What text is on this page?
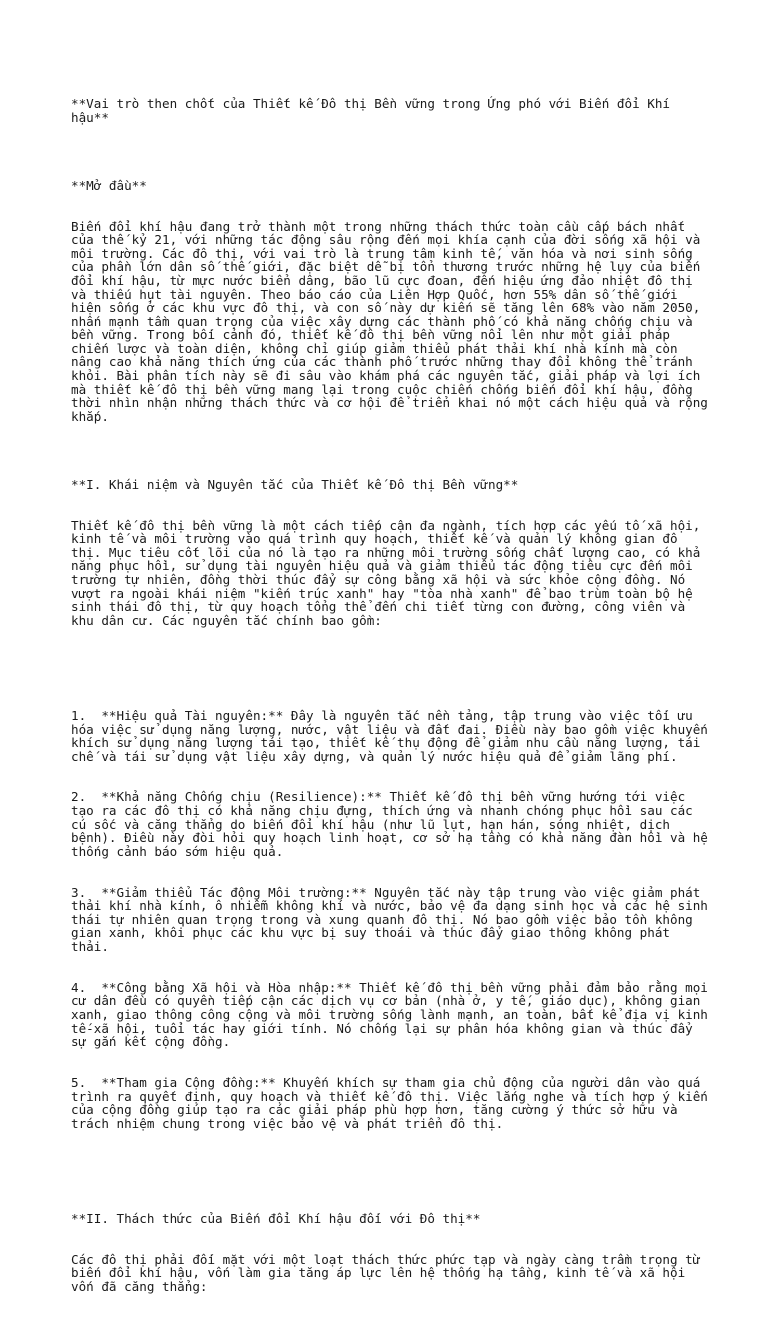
**Vai trò then chốt của Thiết kế Đô thị Bền vững trong Ứng phó với Biến đổi Khí hậu**

**Mở đầu**

Biến đổi khí hậu đang trở thành một trong những thách thức toàn cầu cấp bách nhất của thế kỷ 21, với những tác động sâu rộng đến mọi khía cạnh của đời sống xã hội và môi trường. Các đô thị, với vai trò là trung tâm kinh tế, văn hóa và nơi sinh sống của phần lớn dân số thế giới, đặc biệt dễ bị tổn thương trước những hệ lụy của biến đổi khí hậu, từ mực nước biển dâng, bão lũ cực đoan, đến hiệu ứng đảo nhiệt đô thị và thiếu hụt tài nguyên. Theo báo cáo của Liên Hợp Quốc, hơn 55% dân số thế giới hiện sống ở các khu vực đô thị, và con số này dự kiến sẽ tăng lên 68% vào năm 2050, nhấn mạnh tầm quan trọng của việc xây dựng các thành phố có khả năng chống chịu và bền vững. Trong bối cảnh đó, thiết kế đô thị bền vững nổi lên như một giải pháp chiến lược và toàn diện, không chỉ giúp giảm thiểu phát thải khí nhà kính mà còn nâng cao khả năng thích ứng của các thành phố trước những thay đổi không thể tránh khỏi. Bài phân tích này sẽ đi sâu vào khám phá các nguyên tắc, giải pháp và lợi ích mà thiết kế đô thị bền vững mang lại trong cuộc chiến chống biến đổi khí hậu, đồng thời nhìn nhận những thách thức và cơ hội để triển khai nó một cách hiệu quả và rộng khắp.

**I. Khái niệm và Nguyên tắc của Thiết kế Đô thị Bền vững**

Thiết kế đô thị bền vững là một cách tiếp cận đa ngành, tích hợp các yếu tố xã hội, kinh tế và môi trường vào quá trình quy hoạch, thiết kế và quản lý không gian đô thị. Mục tiêu cốt lõi của nó là tạo ra những môi trường sống chất lượng cao, có khả năng phục hồi, sử dụng tài nguyên hiệu quả và giảm thiểu tác động tiêu cực đến môi trường tự nhiên, đồng thời thúc đẩy sự công bằng xã hội và sức khỏe cộng đồng. Nó vượt ra ngoài khái niệm "kiến trúc xanh" hay "tòa nhà xanh" để bao trùm toàn bộ hệ sinh thái đô thị, từ quy hoạch tổng thể đến chi tiết từng con đường, công viên và khu dân cư. Các nguyên tắc chính bao gồm:

1.  **Hiệu quả Tài nguyên:** Đây là nguyên tắc nền tảng, tập trung vào việc tối ưu hóa việc sử dụng năng lượng, nước, vật liệu và đất đai. Điều này bao gồm việc khuyến khích sử dụng năng lượng tái tạo, thiết kế thụ động để giảm nhu cầu năng lượng, tái chế và tái sử dụng vật liệu xây dựng, và quản lý nước hiệu quả để giảm lãng phí.

2.  **Khả năng Chống chịu (Resilience):** Thiết kế đô thị bền vững hướng tới việc tạo ra các đô thị có khả năng chịu đựng, thích ứng và nhanh chóng phục hồi sau các cú sốc và căng thẳng do biến đổi khí hậu (như lũ lụt, hạn hán, sóng nhiệt, dịch bệnh). Điều này đòi hỏi quy hoạch linh hoạt, cơ sở hạ tầng có khả năng đàn hồi và hệ thống cảnh báo sớm hiệu quả.

3.  **Giảm thiểu Tác động Môi trường:** Nguyên tắc này tập trung vào việc giảm phát thải khí nhà kính, ô nhiễm không khí và nước, bảo vệ đa dạng sinh học và các hệ sinh thái tự nhiên quan trọng trong và xung quanh đô thị. Nó bao gồm việc bảo tồn không gian xanh, khôi phục các khu vực bị suy thoái và thúc đẩy giao thông không phát thải.

4.  **Công bằng Xã hội và Hòa nhập:** Thiết kế đô thị bền vững phải đảm bảo rằng mọi cư dân đều có quyền tiếp cận các dịch vụ cơ bản (nhà ở, y tế, giáo dục), không gian xanh, giao thông công cộng và môi trường sống lành mạnh, an toàn, bất kể địa vị kinh tế-xã hội, tuổi tác hay giới tính. Nó chống lại sự phân hóa không gian và thúc đẩy sự gắn kết cộng đồng.

5.  **Tham gia Cộng đồng:** Khuyến khích sự tham gia chủ động của người dân vào quá trình ra quyết định, quy hoạch và thiết kế đô thị. Việc lắng nghe và tích hợp ý kiến của cộng đồng giúp tạo ra các giải pháp phù hợp hơn, tăng cường ý thức sở hữu và trách nhiệm chung trong việc bảo vệ và phát triển đô thị.

**II. Thách thức của Biến đổi Khí hậu đối với Đô thị**

Các đô thị phải đối mặt với một loạt thách thức phức tạp và ngày càng trầm trọng từ biến đổi khí hậu, vốn làm gia tăng áp lực lên hệ thống hạ tầng, kinh tế và xã hội vốn đã căng thẳng:
